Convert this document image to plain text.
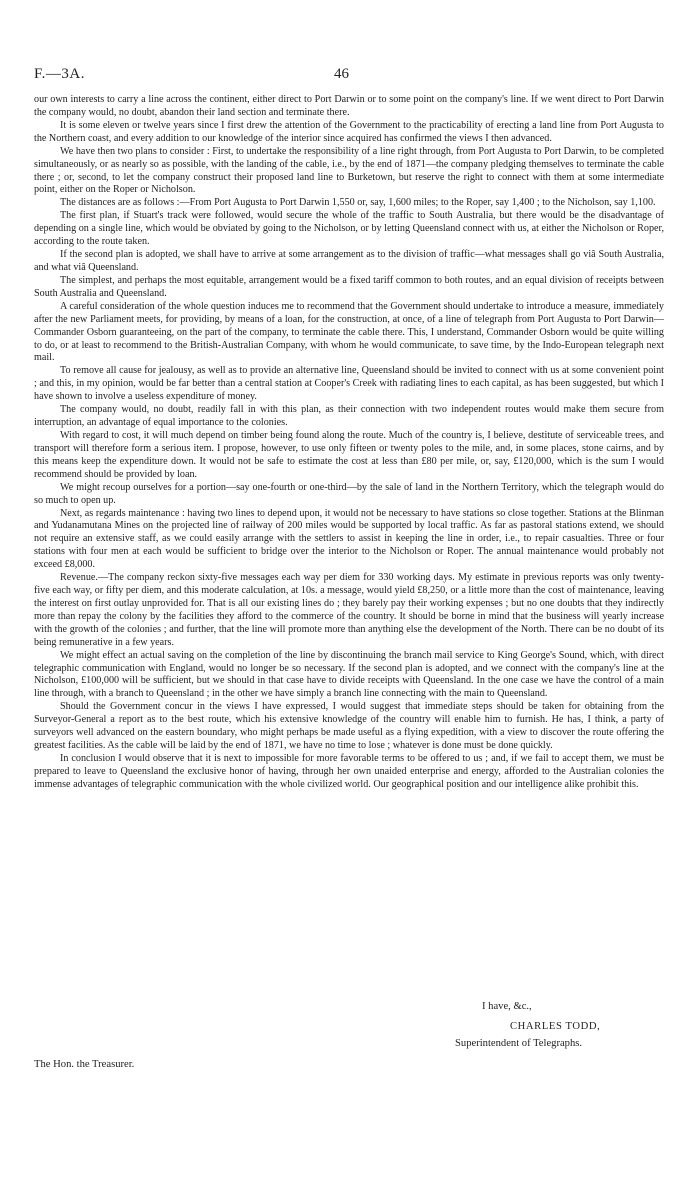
F.—3A.	46

our own interests to carry a line across the continent, either direct to Port Darwin or to some point on the company's line. If we went direct to Port Darwin the company would, no doubt, abandon their land section and terminate there.

It is some eleven or twelve years since I first drew the attention of the Government to the practicability of erecting a land line from Port Augusta to the Northern coast, and every addition to our knowledge of the interior since acquired has confirmed the views I then advanced.

We have then two plans to consider : First, to undertake the responsibility of a line right through, from Port Augusta to Port Darwin, to be completed simultaneously, or as nearly so as possible, with the landing of the cable, i.e., by the end of 1871—the company pledging themselves to terminate the cable there ; or, second, to let the company construct their proposed land line to Burketown, but reserve the right to connect with them at some intermediate point, either on the Roper or Nicholson.

The distances are as follows :—From Port Augusta to Port Darwin 1,550 or, say, 1,600 miles; to the Roper, say 1,400 ; to the Nicholson, say 1,100.

The first plan, if Stuart's track were followed, would secure the whole of the traffic to South Australia, but there would be the disadvantage of depending on a single line, which would be obviated by going to the Nicholson, or by letting Queensland connect with us, at either the Nicholson or Roper, according to the route taken.

If the second plan is adopted, we shall have to arrive at some arrangement as to the division of traffic—what messages shall go viâ South Australia, and what viâ Queensland.

The simplest, and perhaps the most equitable, arrangement would be a fixed tariff common to both routes, and an equal division of receipts between South Australia and Queensland.

A careful consideration of the whole question induces me to recommend that the Government should undertake to introduce a measure, immediately after the new Parliament meets, for providing, by means of a loan, for the construction, at once, of a line of telegraph from Port Augusta to Port Darwin—Commander Osborn guaranteeing, on the part of the company, to terminate the cable there. This, I understand, Commander Osborn would be quite willing to do, or at least to recommend to the British-Australian Company, with whom he would communicate, to save time, by the Indo-European telegraph next mail.

To remove all cause for jealousy, as well as to provide an alternative line, Queensland should be invited to connect with us at some convenient point ; and this, in my opinion, would be far better than a central station at Cooper's Creek with radiating lines to each capital, as has been suggested, but which I have shown to involve a useless expenditure of money.

The company would, no doubt, readily fall in with this plan, as their connection with two independent routes would make them secure from interruption, an advantage of equal importance to the colonies.

With regard to cost, it will much depend on timber being found along the route. Much of the country is, I believe, destitute of serviceable trees, and transport will therefore form a serious item. I propose, however, to use only fifteen or twenty poles to the mile, and, in some places, stone cairns, and by this means keep the expenditure down. It would not be safe to estimate the cost at less than £80 per mile, or, say, £120,000, which is the sum I would recommend should be provided by loan.

We might recoup ourselves for a portion—say one-fourth or one-third—by the sale of land in the Northern Territory, which the telegraph would do so much to open up.

Next, as regards maintenance : having two lines to depend upon, it would not be necessary to have stations so close together. Stations at the Blinman and Yudanamutana Mines on the projected line of railway of 200 miles would be supported by local traffic. As far as pastoral stations extend, we should not require an extensive staff, as we could easily arrange with the settlers to assist in keeping the line in order, i.e., to repair casualties. Three or four stations with four men at each would be sufficient to bridge over the interior to the Nicholson or Roper. The annual maintenance would probably not exceed £8,000.

Revenue.—The company reckon sixty-five messages each way per diem for 330 working days. My estimate in previous reports was only twenty-five each way, or fifty per diem, and this moderate calculation, at 10s. a message, would yield £8,250, or a little more than the cost of maintenance, leaving the interest on first outlay unprovided for. That is all our existing lines do ; they barely pay their working expenses ; but no one doubts that they indirectly more than repay the colony by the facilities they afford to the commerce of the country. It should be borne in mind that the business will yearly increase with the growth of the colonies ; and further, that the line will promote more than anything else the development of the North. There can be no doubt of its being remunerative in a few years.

We might effect an actual saving on the completion of the line by discontinuing the branch mail service to King George's Sound, which, with direct telegraphic communication with England, would no longer be so necessary. If the second plan is adopted, and we connect with the company's line at the Nicholson, £100,000 will be sufficient, but we should in that case have to divide receipts with Queensland. In the one case we have the control of a main line through, with a branch to Queensland ; in the other we have simply a branch line connecting with the main to Queensland.

Should the Government concur in the views I have expressed, I would suggest that immediate steps should be taken for obtaining from the Surveyor-General a report as to the best route, which his extensive knowledge of the country will enable him to furnish. He has, I think, a party of surveyors well advanced on the eastern boundary, who might perhaps be made useful as a flying expedition, with a view to discover the route offering the greatest facilities. As the cable will be laid by the end of 1871, we have no time to lose ; whatever is done must be done quickly.

In conclusion I would observe that it is next to impossible for more favorable terms to be offered to us ; and, if we fail to accept them, we must be prepared to leave to Queensland the exclusive honor of having, through her own unaided enterprise and energy, afforded to the Australian colonies the immense advantages of telegraphic communication with the whole civilized world. Our geographical position and our intelligence alike prohibit this.

I have, &c.,
CHARLES TODD,
Superintendent of Telegraphs.
The Hon. the Treasurer.
